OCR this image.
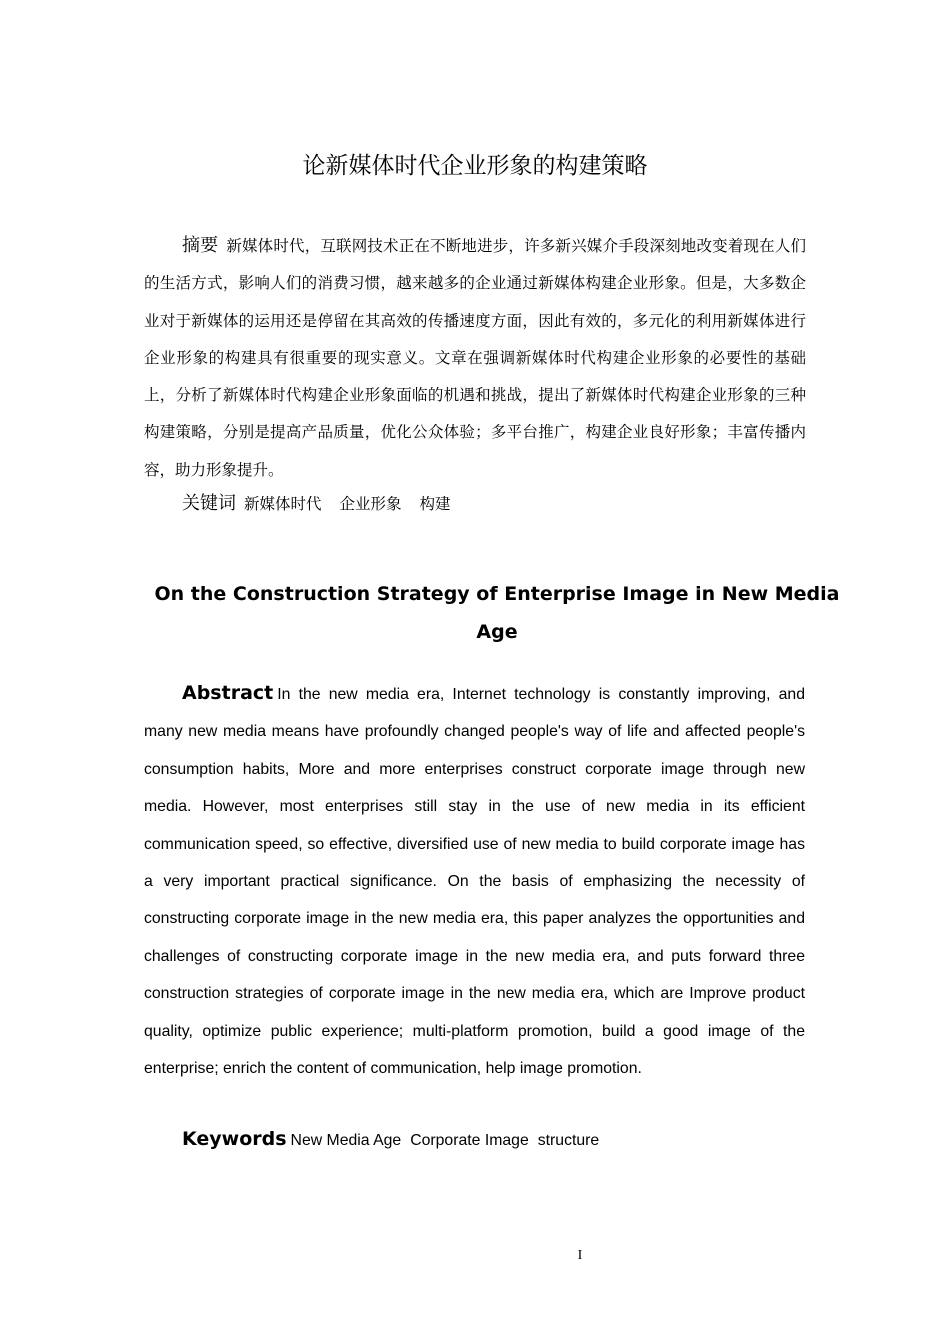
论新媒体时代企业形象的构建策略
摘要 新媒体时代，互联网技术正在不断地进步，许多新兴媒介手段深刻地改变着现在人们的生活方式，影响人们的消费习惯，越来越多的企业通过新媒体构建企业形象。但是，大多数企业对于新媒体的运用还是停留在其高效的传播速度方面，因此有效的，多元化的利用新媒体进行企业形象的构建具有很重要的现实意义。文章在强调新媒体时代构建企业形象的必要性的基础上，分析了新媒体时代构建企业形象面临的机遇和挑战，提出了新媒体时代构建企业形象的三种构建策略，分别是提高产品质量，优化公众体验；多平台推广，构建企业良好形象；丰富传播内容，助力形象提升。
关键词 新媒体时代 企业形象 构建
On the Construction Strategy of Enterprise Image in New Media Age
Abstract In the new media era, Internet technology is constantly improving, and many new media means have profoundly changed people's way of life and affected people's consumption habits, More and more enterprises construct corporate image through new media. However, most enterprises still stay in the use of new media in its efficient communication speed, so effective, diversified use of new media to build corporate image has a very important practical significance. On the basis of emphasizing the necessity of constructing corporate image in the new media era, this paper analyzes the opportunities and challenges of constructing corporate image in the new media era, and puts forward three construction strategies of corporate image in the new media era, which are Improve product quality, optimize public experience; multi-platform promotion, build a good image of the enterprise; enrich the content of communication, help image promotion.
Keywords New Media Age Corporate Image structure
I
